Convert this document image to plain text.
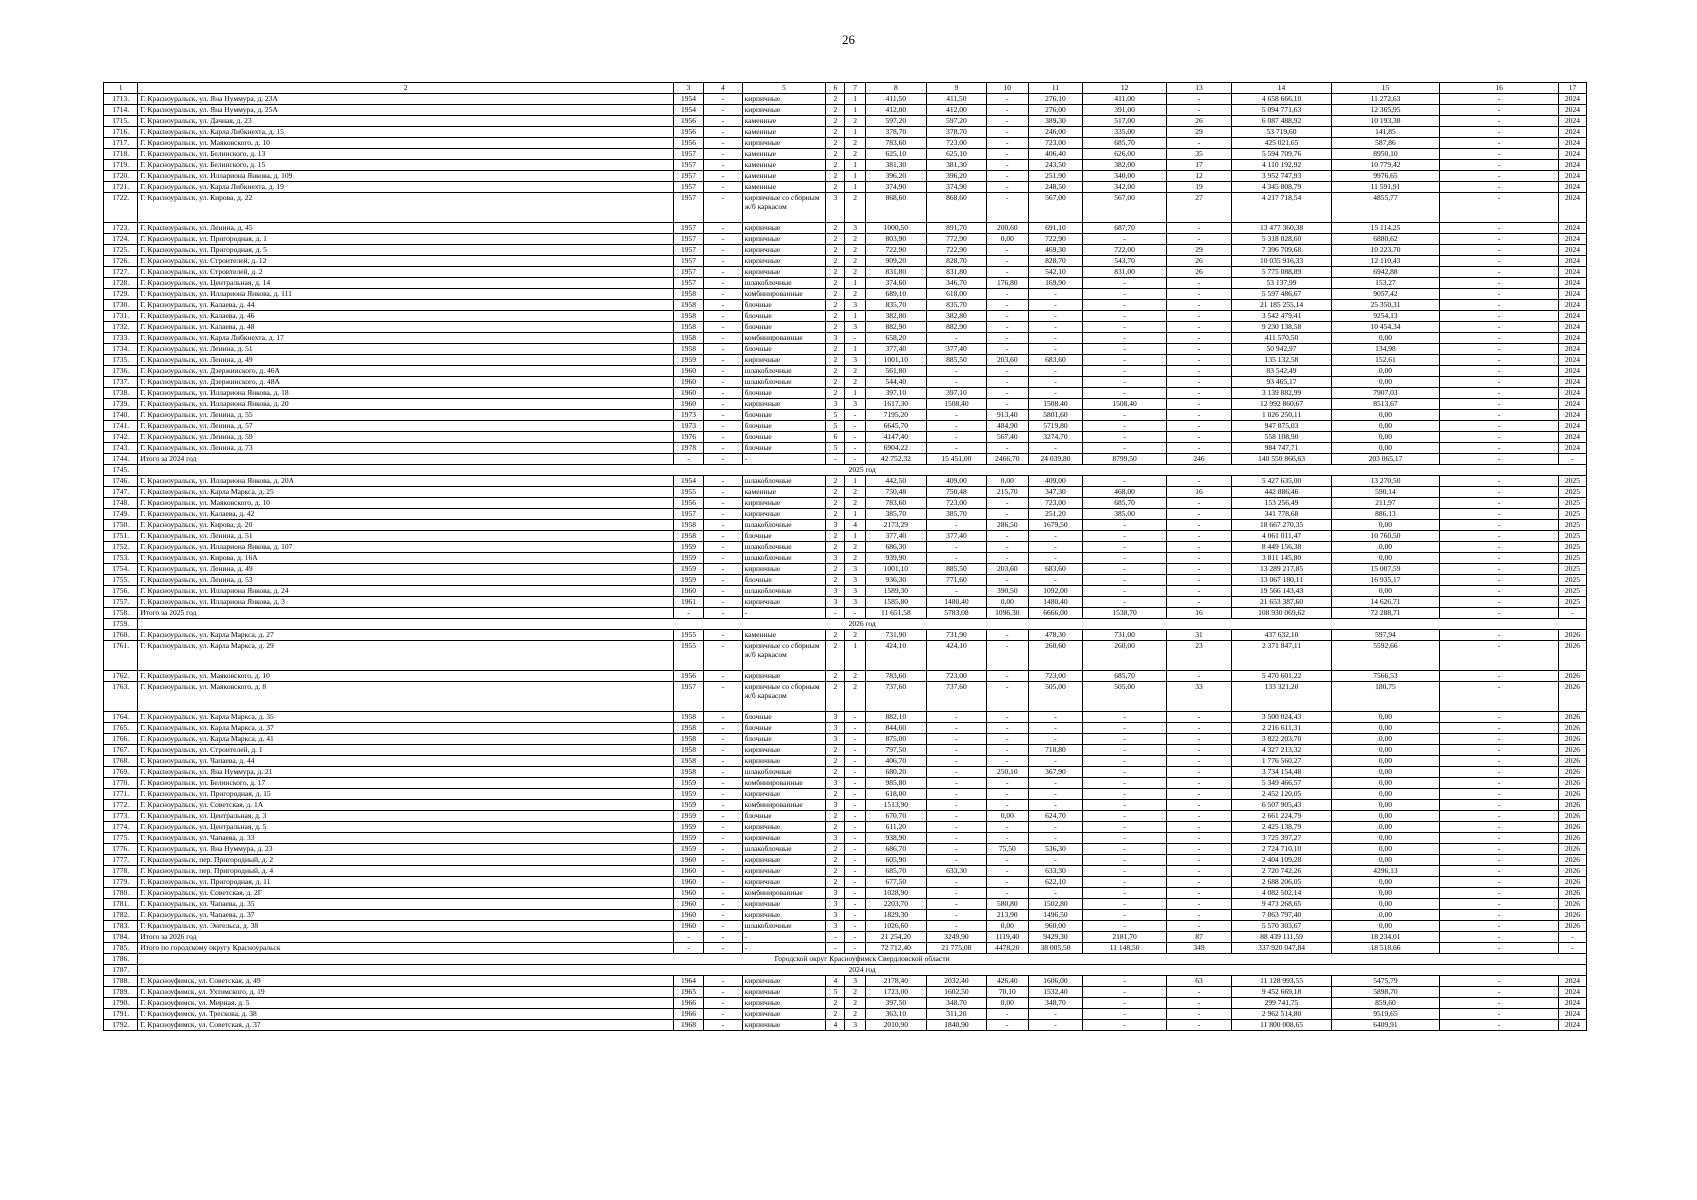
26
1	2	3	4	5	6	7	8	9	10	11	12	13	14	15	16	17
1713.	Г. Красноуральск, ул. Яна Нуммура, д. 23А	1954	-	кирпичные	2	1	411,50	411,50	-	276,10	411,00	-	4 658 666,10	11 272,63	-	2024
1714.	Г. Красноуральск, ул. Яна Нуммура, д. 25А	1954	-	кирпичные	2	1	412,00	412,00	-	276,00	391,00	-	5 094 771,63	12 365,95	-	2024
1715.	Г. Красноуральск, ул. Дачная, д. 23	1956	-	каменные	2	2	597,20	597,20	-	389,30	517,00	26	6 087 488,92	10 193,38	-	2024
1716.	Г. Красноуральск, ул. Карла Либкнехта, д. 15	1956	-	каменные	2	1	378,70	378,70	-	246,00	335,00	29	53 719,60	141,85	-	2024
1717.	Г. Красноуральск, ул. Маяковского, д. 10	1956	-	кирпичные	2	2	783,60	723,00	-	723,00	685,70	-	425 021,65	587,86	-	2024
1718.	Г. Красноуральск, ул. Белинского, д. 13	1957	-	каменные	2	2	625,10	625,10	-	406,40	626,00	35	5 594 709,76	8950,10	-	2024
1719.	Г. Красноуральск, ул. Белинского, д. 15	1957	-	каменные	2	1	381,30	381,30	-	243,50	382,00	17	4 110 192,92	10 779,42	-	2024
1720.	Г. Красноуральск, ул. Иллариона Янкова, д. 109	1957	-	каменные	2	1	396,20	396,20	-	251,90	340,00	12	3 952 747,93	9976,65	-	2024
1721.	Г. Красноуральск, ул. Карла Либкнехта, д. 19	1957	-	каменные	2	1	374,90	374,90	-	248,50	342,00	19	4 345 808,79	11 591,91	-	2024
1722.	Г. Красноуральск, ул. Кирова, д. 22	1957	-	кирпичные со сборным ж/б каркасом	3	2	868,60	868,60	-	567,00	567,00	27	4 217 718,54	4855,77	-	2024
1723.	Г. Красноуральск, ул. Ленина, д. 45	1957	-	кирпичные	2	3	1000,50	891,70	200,60	691,10	687,70	-	13 477 360,38	15 114,25	-	2024
1724.	Г. Красноуральск, ул. Пригородная, д. 1	1957	-	кирпичные	2	2	803,90	772,90	0,00	722,90	-	-	5 318 028,60	6880,62	-	2024
1725.	Г. Красноуральск, ул. Пригородная, д. 5	1957	-	кирпичные	2	2	722,90	722,90	-	469,30	722,00	29	7 396 709,68	10 223,70	-	2024
1726.	Г. Красноуральск, ул. Строителей, д. 12	1957	-	кирпичные	2	2	909,20	828,70	-	828,70	543,70	26	10 035 916,33	12 110,43	-	2024
1727.	Г. Красноуральск, ул. Строителей, д. 2	1957	-	кирпичные	2	2	831,80	831,80	-	542,10	831,00	26	5 775 088,89	6942,88	-	2024
1728.	Г. Красноуральск, ул. Центральная, д. 14	1957	-	шлакоблочные	2	1	374,60	346,70	176,80	169,90	-	-	53 137,99	153,27	-	2024
1729.	Г. Красноуральск, ул. Иллариона Янкова, д. 111	1958	-	комбинированные	2	2	689,10	618,00	-	-	-	-	5 597 486,67	9057,42	-	2024
1730.	Г. Красноуральск, ул. Калаева, д. 44	1958	-	блочные	2	3	835,70	835,70	-	-	-	-	21 185 255,14	25 350,31	-	2024
1731.	Г. Красноуральск, ул. Калаева, д. 46	1958	-	блочные	2	1	382,80	382,80	-	-	-	-	3 542 479,41	9254,13	-	2024
1732.	Г. Красноуральск, ул. Калаева, д. 48	1958	-	блочные	2	3	882,90	882,90	-	-	-	-	9 230 138,58	10 454,34	-	2024
1733.	Г. Красноуральск, ул. Карла Либкнехта, д. 17	1958	-	комбинированные	3	-	658,20	-	-	-	-	-	411 570,50	0,00	-	2024
1734.	Г. Красноуральск, ул. Ленина, д. 51	1958	-	блочные	2	1	377,40	377,40	-	-	-	-	50 942,97	134,98	-	2024
1735.	Г. Красноуральск, ул. Ленина, д. 49	1959	-	кирпичные	2	3	1001,10	885,50	203,60	683,60	-	-	135 132,58	152,61	-	2024
1736.	Г. Красноуральск, ул. Дзержинского, д. 46А	1960	-	шлакоблочные	2	2	561,80	-	-	-	-	-	83 542,49	0,00	-	2024
1737.	Г. Красноуральск, ул. Дзержинского, д. 48А	1960	-	шлакоблочные	2	2	544,40	-	-	-	-	-	93 465,17	0,00	-	2024
1738.	Г. Красноуральск, ул. Иллариона Янкова, д. 18	1960	-	блочные	2	1	397,10	397,10	-	-	-	-	3 139 882,99	7907,03	-	2024
1739.	Г. Красноуральск, ул. Иллариона Янкова, д. 20	1960	-	кирпичные	3	3	1617,30	1508,40	-	1508,40	1508,40	-	12 992 860,67	8513,67	-	2024
1740.	Г. Красноуральск, ул. Ленина, д. 55	1973	-	блочные	5	-	7195,20	-	913,40	5801,60	-	-	1 026 250,11	0,00	-	2024
1741.	Г. Красноуральск, ул. Ленина, д. 57	1973	-	блочные	5	-	6645,70	-	484,90	5719,80	-	-	947 875,03	0,00	-	2024
1742.	Г. Красноуральск, ул. Ленина, д. 59	1976	-	блочные	6	-	4147,40	-	567,40	3274,70	-	-	558 108,90	0,00	-	2024
1743.	Г. Красноуральск, ул. Ленина, д. 73	1978	-	блочные	5	-	6904,22	-	-	-	-	-	984 747,71	0,00	-	2024
1744.	Итого за 2024 год	-	-	-	-	-	42 752,32	15 451,00	2466,70	24 039,80	8799,50	246	140 550 866,63	203 065,17	-	-
1745.	2025 год															
1746.	Г. Красноуральск, ул. Иллариона Янкова, д. 20А	1954	-	шлакоблочные	2	1	442,50	409,00	0,00	409,00	-	-	5 427 635,00	13 270,50	-	2025
1747.	Г. Красноуральск, ул. Карла Маркса, д. 25	1955	-	каменные	2	2	750,48	750,48	215,70	347,30	468,00	16	442 886,46	590,14	-	2025
1748.	Г. Красноуральск, ул. Маяковского, д. 10	1956	-	кирпичные	2	2	783,60	723,00	-	723,00	685,70	-	153 256,49	211,97	-	2025
1749.	Г. Красноуральск, ул. Калаева, д. 42	1957	-	кирпичные	2	1	385,70	385,70	-	251,20	385,00	-	341 778,68	886,13	-	2025
1750.	Г. Красноуральск, ул. Кирова, д. 20	1958	-	шлакоблочные	3	4	2173,29	-	286,50	1679,50	-	-	18 667 270,35	0,00	-	2025
1751.	Г. Красноуральск, ул. Ленина, д. 51	1958	-	блочные	2	1	377,40	377,40	-	-	-	-	4 061 011,47	10 760,50	-	2025
1752.	Г. Красноуральск, ул. Иллариона Янкова, д. 107	1959	-	шлакоблочные	2	2	686,30	-	-	-	-	-	8 449 156,38	0,00	-	2025
1753.	Г. Красноуральск, ул. Кирова, д. 16А	1959	-	шлакоблочные	3	2	939,90	-	-	-	-	-	3 811 145,80	0,00	-	2025
1754.	Г. Красноуральск, ул. Ленина, д. 49	1959	-	кирпичные	2	3	1001,10	885,50	203,60	683,60	-	-	13 289 217,85	15 007,59	-	2025
1755.	Г. Красноуральск, ул. Ленина, д. 53	1959	-	блочные	2	3	936,30	771,60	-	-	-	-	13 067 180,11	16 935,17	-	2025
1756.	Г. Красноуральск, ул. Иллариона Янкова, д. 24	1960	-	шлакоблочные	3	3	1589,30	-	390,50	1092,00	-	-	19 566 143,43	0,00	-	2025
1757.	Г. Красноуральск, ул. Иллариона Янкова, д. 3	1961	-	кирпичные	3	3	1585,80	1480,40	0,00	1480,40	-	-	21 653 387,60	14 626,71	-	2025
1758.	Итого за 2025 год	-	-	-	-	-	11 651,58	5783,08	1096,30	6666,00	1538,70	16	108 930 069,62	72 288,71	-	-
1759.	2026 год															
1760.	Г. Красноуральск, ул. Карла Маркса, д. 27	1955	-	каменные	2	2	731,90	731,90	-	478,30	731,00	31	437 632,10	597,94	-	2026
1761.	Г. Красноуральск, ул. Карла Маркса, д. 29	1955	-	кирпичные со сборным ж/б каркасом	2	1	424,10	424,10	-	260,60	260,00	23	2 371 847,11	5592,66	-	2026
1762.	Г. Красноуральск, ул. Маяковского, д. 10	1956	-	кирпичные	2	2	783,60	723,00	-	723,00	685,70	-	5 470 601,22	7566,53	-	2026
1763.	Г. Красноуральск, ул. Маяковского, д. 8	1957	-	кирпичные со сборным ж/б каркасом	2	2	737,60	737,60	-	505,00	505,00	33	133 321,20	180,75	-	2026
1764.	Г. Красноуральск, ул. Карла Маркса, д. 35	1958	-	блочные	3	-	882,10	-	-	-	-	-	3 500 024,43	0,00	-	2026
1765.	Г. Красноуральск, ул. Карла Маркса, д. 37	1958	-	блочные	3	-	844,60	-	-	-	-	-	2 216 611,31	0,00	-	2026
1766.	Г. Красноуральск, ул. Карла Маркса, д. 41	1958	-	блочные	3	-	875,00	-	-	-	-	-	3 822 203,70	0,00	-	2026
1767.	Г. Красноуральск, ул. Строителей, д. 1	1958	-	кирпичные	2	-	797,50	-	-	718,80	-	-	4 327 213,32	0,00	-	2026
1768.	Г. Красноуральск, ул. Чапаева, д. 44	1958	-	кирпичные	2	-	406,70	-	-	-	-	-	1 776 560,27	0,00	-	2026
1769.	Г. Красноуральск, ул. Яна Нуммура, д. 21	1958	-	шлакоблочные	2	-	680,20	-	250,10	367,90	-	-	3 734 154,48	0,00	-	2026
1770.	Г. Красноуральск, ул. Белинского, д. 17	1959	-	комбинированные	3	-	985,80	-	-	-	-	-	5 349 466,57	0,00	-	2026
1771.	Г. Красноуральск, ул. Пригородная, д. 15	1959	-	кирпичные	2	-	618,00	-	-	-	-	-	2 452 120,05	0,00	-	2026
1772.	Г. Красноуральск, ул. Советская, д. 1А	1959	-	комбинированные	3	-	1513,90	-	-	-	-	-	6 507 905,43	0,00	-	2026
1773.	Г. Красноуральск, ул. Центральная, д. 3	1959	-	блочные	2	-	670,70	-	0,00	624,70	-	-	2 661 224,79	0,00	-	2026
1774.	Г. Красноуральск, ул. Центральная, д. 5	1959	-	кирпичные	2	-	611,20	-	-	-	-	-	2 425 138,79	0,00	-	2026
1775.	Г. Красноуральск, ул. Чапаева, д. 33	1959	-	кирпичные	3	-	938,90	-	-	-	-	-	3 725 397,27	0,00	-	2026
1776.	Г. Красноуральск, ул. Яна Нуммура, д. 23	1959	-	шлакоблочные	2	-	686,70	-	75,50	536,30	-	-	2 724 710,10	0,00	-	2026
1777.	Г. Красноуральск, пер. Пригородный, д. 2	1960	-	кирпичные	2	-	605,90	-	-	-	-	-	2 404 109,28	0,00	-	2026
1778.	Г. Красноуральск, пер. Пригородный, д. 4	1960	-	кирпичные	2	-	685,70	633,30	-	633,30	-	-	2 720 742,26	4296,13	-	2026
1779.	Г. Красноуральск, ул. Пригородная, д. 11	1960	-	кирпичные	2	-	677,50	-	-	622,10	-	-	2 688 206,05	0,00	-	2026
1780.	Г. Красноуральск, ул. Советская, д. 2Г	1960	-	комбинированные	3	-	1028,90	-	-	-	-	-	4 082 502,14	0,00	-	2026
1781.	Г. Красноуральск, ул. Чапаева, д. 35	1960	-	кирпичные	3	-	2203,70	-	580,80	1502,80	-	-	9 473 268,65	0,00	-	2026
1782.	Г. Красноуральск, ул. Чапаева, д. 37	1960	-	кирпичные	3	-	1829,30	-	213,90	1496,50	-	-	7 863 797,40	0,00	-	2026
1783.	Г. Красноуральск, ул. Энгельса, д. 38	1960	-	шлакоблочные	3	-	1026,60	-	0,00	960,00	-	-	5 570 303,67	0,00	-	2026
1784.	Итого за 2026 год	-	-	-	-	-	21 254,20	3249,90	1119,40	9429,30	2181,70	87	88 439 111,59	18 234,01	-	-
1785.	Итого по городскому округу Красноуральск	-	-	-	-	-	72 712,40	21 775,08	4478,20	38 005,50	11 148,50	349	337 920 047,84	18 518,66	-	-
1786.	Городской округ Красноуфимск Свердловской области															
1787.	2024 год															
1788.	Г. Красноуфимск, ул. Советская, д. 49	1964	-	кирпичные	4	3	2178,40	2032,40	426,40	1606,00	-	63	11 128 993,55	5475,79	-	2024
1789.	Г. Красноуфимск, ул. Ухтомского, д. 19	1965	-	кирпичные	5	2	1723,00	1602,50	70,10	1532,40	-	-	9 452 669,18	5898,70	-	2024
1790.	Г. Красноуфимск, ул. Мирная, д. 5	1966	-	кирпичные	2	2	397,50	348,70	0,00	348,70	-	-	299 741,75	859,60	-	2024
1791.	Г. Красноуфимск, ул. Трескова, д. 38	1966	-	кирпичные	2	2	363,10	311,20	-	-	-	-	2 962 514,80	9519,65	-	2024
1792.	Г. Красноуфимск, ул. Советская, д. 37	1968	-	кирпичные	4	3	2010,90	1840,90	-	-	-	-	11 800 008,65	6409,91	-	2024
